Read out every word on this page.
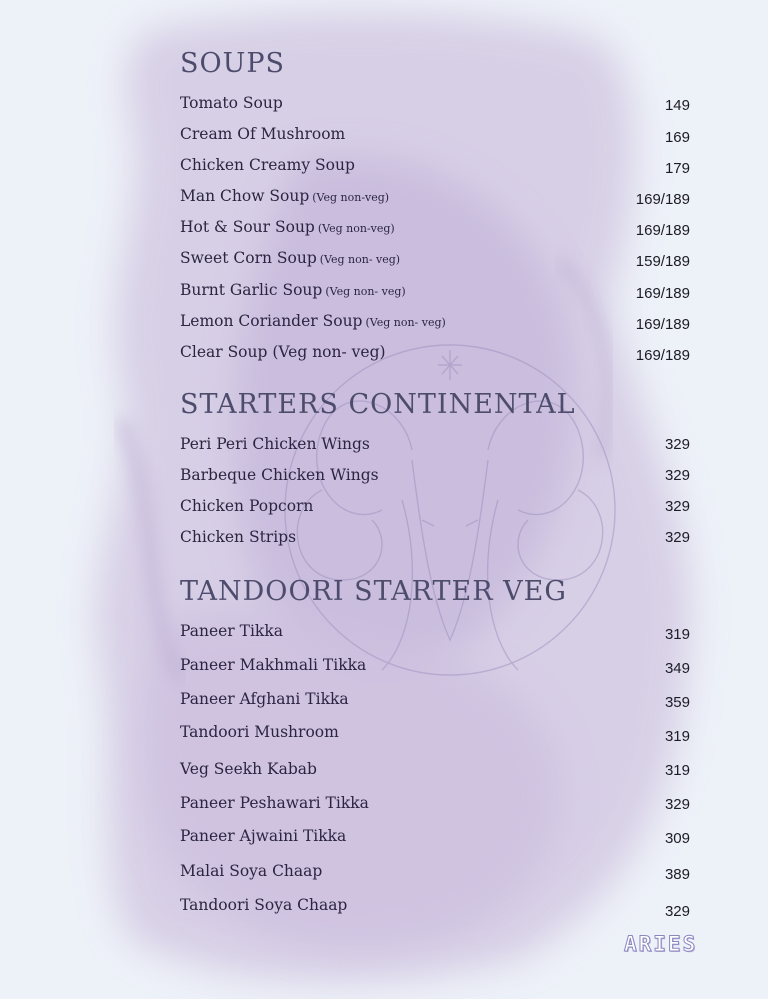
SOUPS
Tomato Soup	149
Cream Of Mushroom	169
Chicken Creamy Soup	179
Man Chow Soup (Veg non-veg)	169/189
Hot & Sour Soup (Veg non-veg)	169/189
Sweet Corn Soup (Veg non- veg)	159/189
Burnt Garlic Soup (Veg non- veg)	169/189
Lemon Coriander Soup (Veg non- veg)	169/189
Clear Soup (Veg non- veg)	169/189
STARTERS CONTINENTAL
Peri Peri Chicken Wings	329
Barbeque Chicken Wings	329
Chicken Popcorn	329
Chicken Strips	329
TANDOORI STARTER VEG
Paneer Tikka	319
Paneer Makhmali Tikka	349
Paneer Afghani Tikka	359
Tandoori Mushroom	319
Veg Seekh Kabab	319
Paneer Peshawari Tikka	329
Paneer Ajwaini Tikka	309
Malai Soya Chaap	389
Tandoori Soya Chaap	329
ARIES
